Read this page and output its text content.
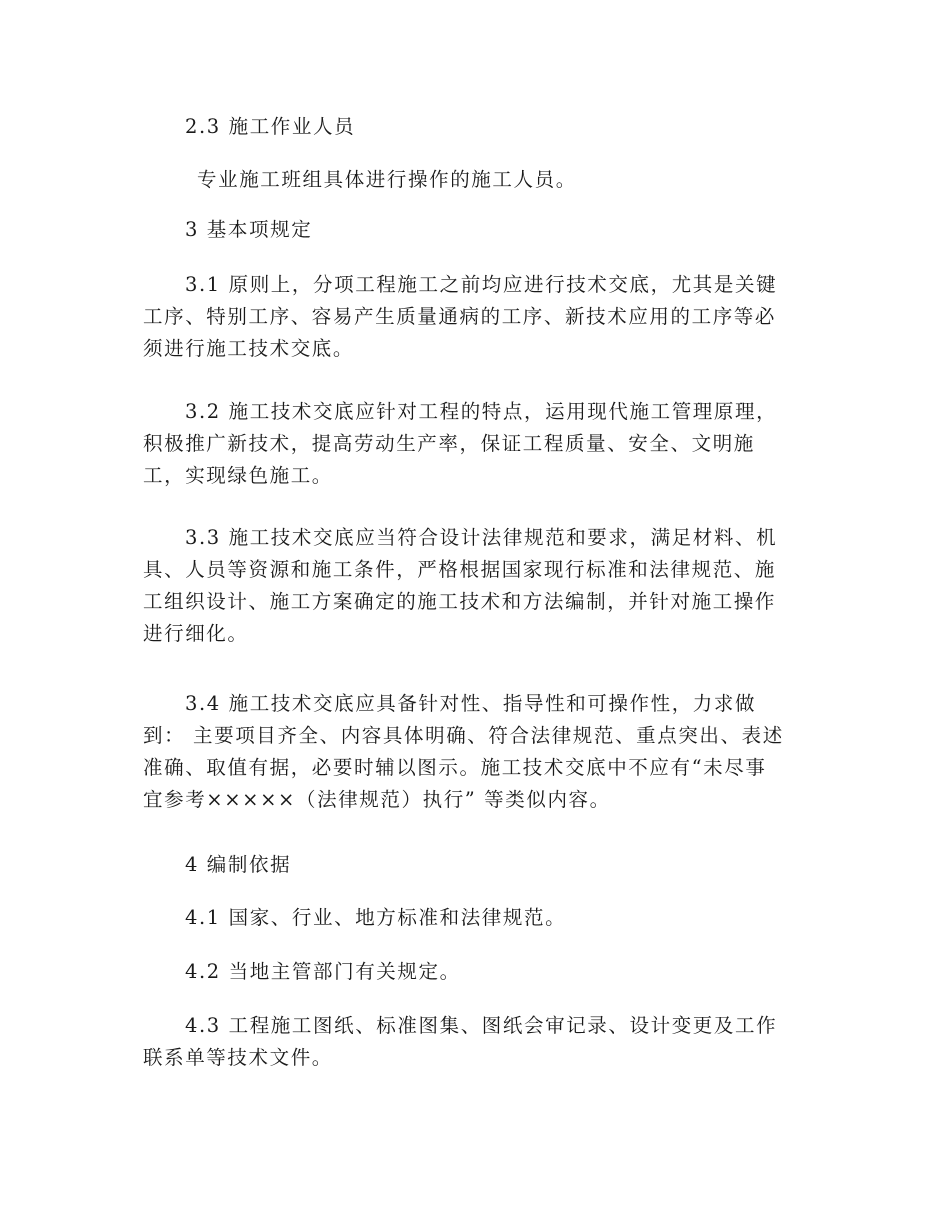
2.3 施工作业人员

专业施工班组具体进行操作的施工人员。

3 基本项规定

3.1 原则上，分项工程施工之前均应进行技术交底，尤其是关键
工序、特别工序、容易产生质量通病的工序、新技术应用的工序等必
须进行施工技术交底。

3.2 施工技术交底应针对工程的特点，运用现代施工管理原理，
积极推广新技术，提高劳动生产率，保证工程质量、安全、文明施
工，实现绿色施工。

3.3 施工技术交底应当符合设计法律规范和要求，满足材料、机
具、人员等资源和施工条件，严格根据国家现行标准和法律规范、施
工组织设计、施工方案确定的施工技术和方法编制，并针对施工操作
进行细化。

3.4 施工技术交底应具备针对性、指导性和可操作性，力求做
到： 主要项目齐全、内容具体明确、符合法律规范、重点突出、表述
准确、取值有据，必要时辅以图示。施工技术交底中不应有“未尽事
宜参考×××××（法律规范）执行” 等类似内容。

4 编制依据

4.1 国家、行业、地方标准和法律规范。

4.2 当地主管部门有关规定。

4.3 工程施工图纸、标准图集、图纸会审记录、设计变更及工作
联系单等技术文件。
